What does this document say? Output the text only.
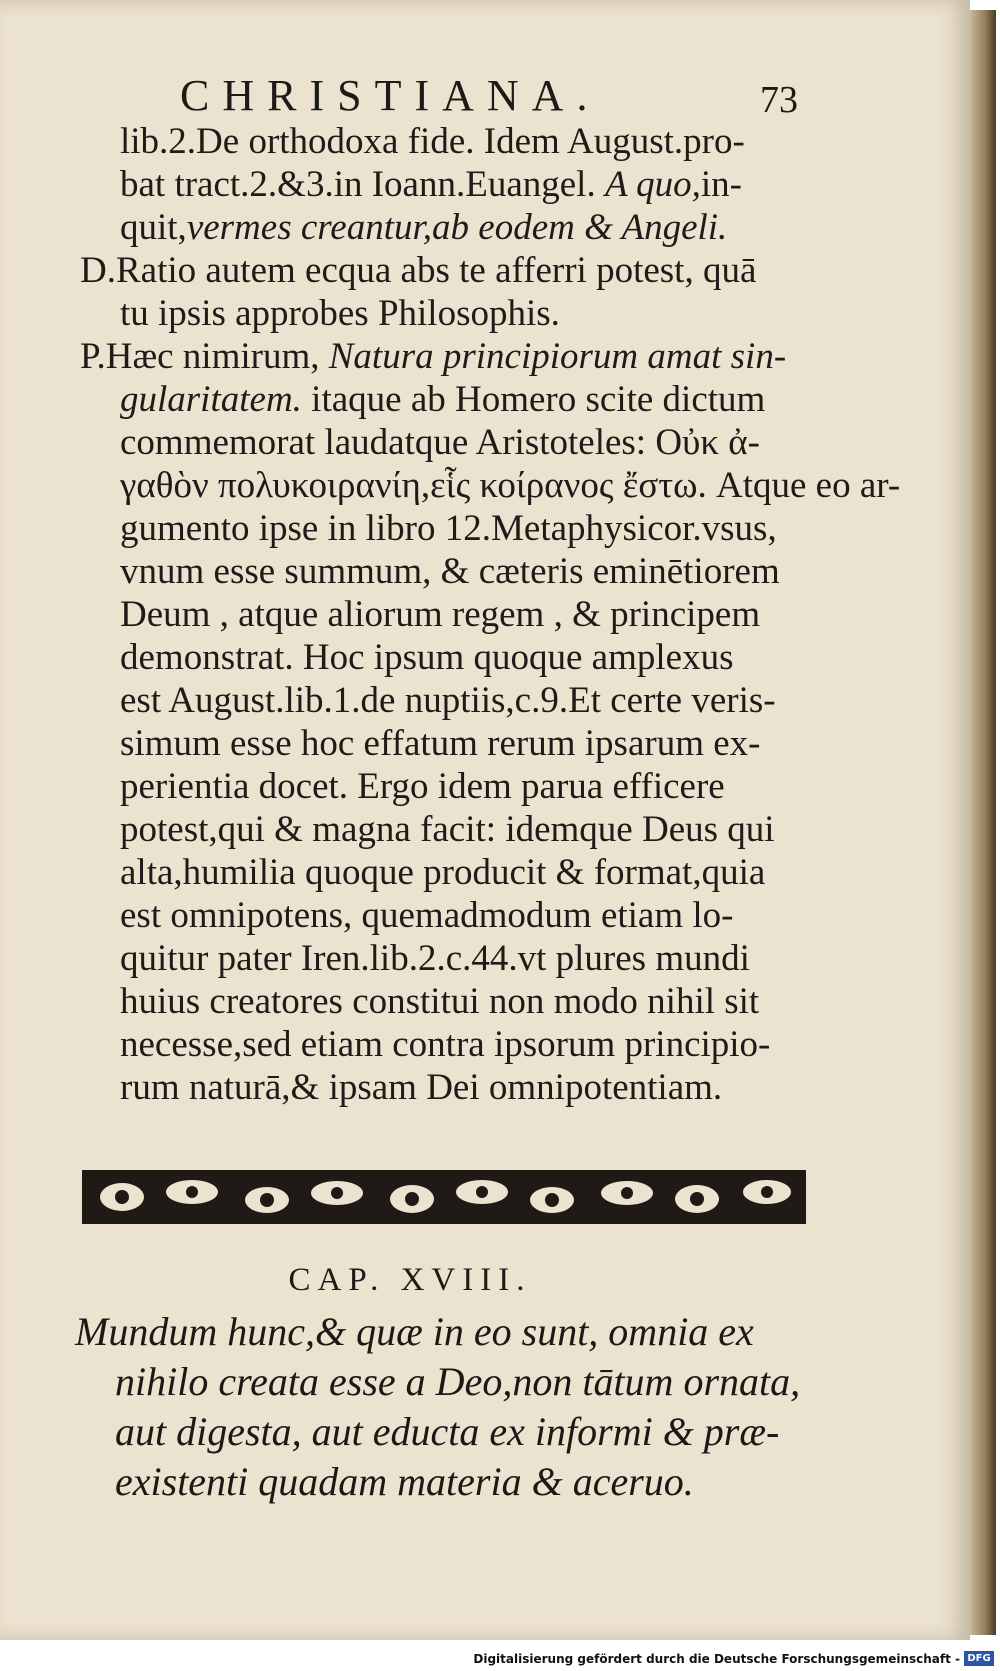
CHRISTIANA.	73
lib.2.De orthodoxa fide. Idem August.pro-
bat tract.2.&3.in Ioann.Euangel. A quo,in-
quit,vermes creantur,ab eodem & Angeli.
D.Ratio autem ecqua abs te afferri potest, quā
tu ipsis approbes Philosophis.
P.Hæc nimirum, Natura principiorum amat sin-
gularitatem. itaque ab Homero scite dictum
commemorat laudatque Aristoteles: Οὐκ ἀ-
γαθὸν πολυκοιρανίη,εἷς κοίρανος ἔστω. Atque eo ar-
gumento ipse in libro 12.Metaphysicor.vsus,
vnum esse summum, & cæteris eminētiorem
Deum , atque aliorum regem , & principem
demonstrat. Hoc ipsum quoque amplexus
est August.lib.1.de nuptiis,c.9.Et certe veris-
simum esse hoc effatum rerum ipsarum ex-
perientia docet. Ergo idem parua efficere
potest,qui & magna facit: idemque Deus qui
alta,humilia quoque producit & format,quia
est omnipotens, quemadmodum etiam lo-
quitur pater Iren.lib.2.c.44.vt plures mundi
huius creatores constitui non modo nihil sit
necesse,sed etiam contra ipsorum principio-
rum naturā,& ipsam Dei omnipotentiam.
CAP. XVIII.
Mundum hunc,& quæ in eo sunt, omnia ex
nihilo creata esse a Deo,non tātum ornata,
aut digesta, aut educta ex informi & præ-
existenti quadam materia & aceruo.
Digitalisierung gefördert durch die Deutsche Forschungsgemeinschaft - DFG
